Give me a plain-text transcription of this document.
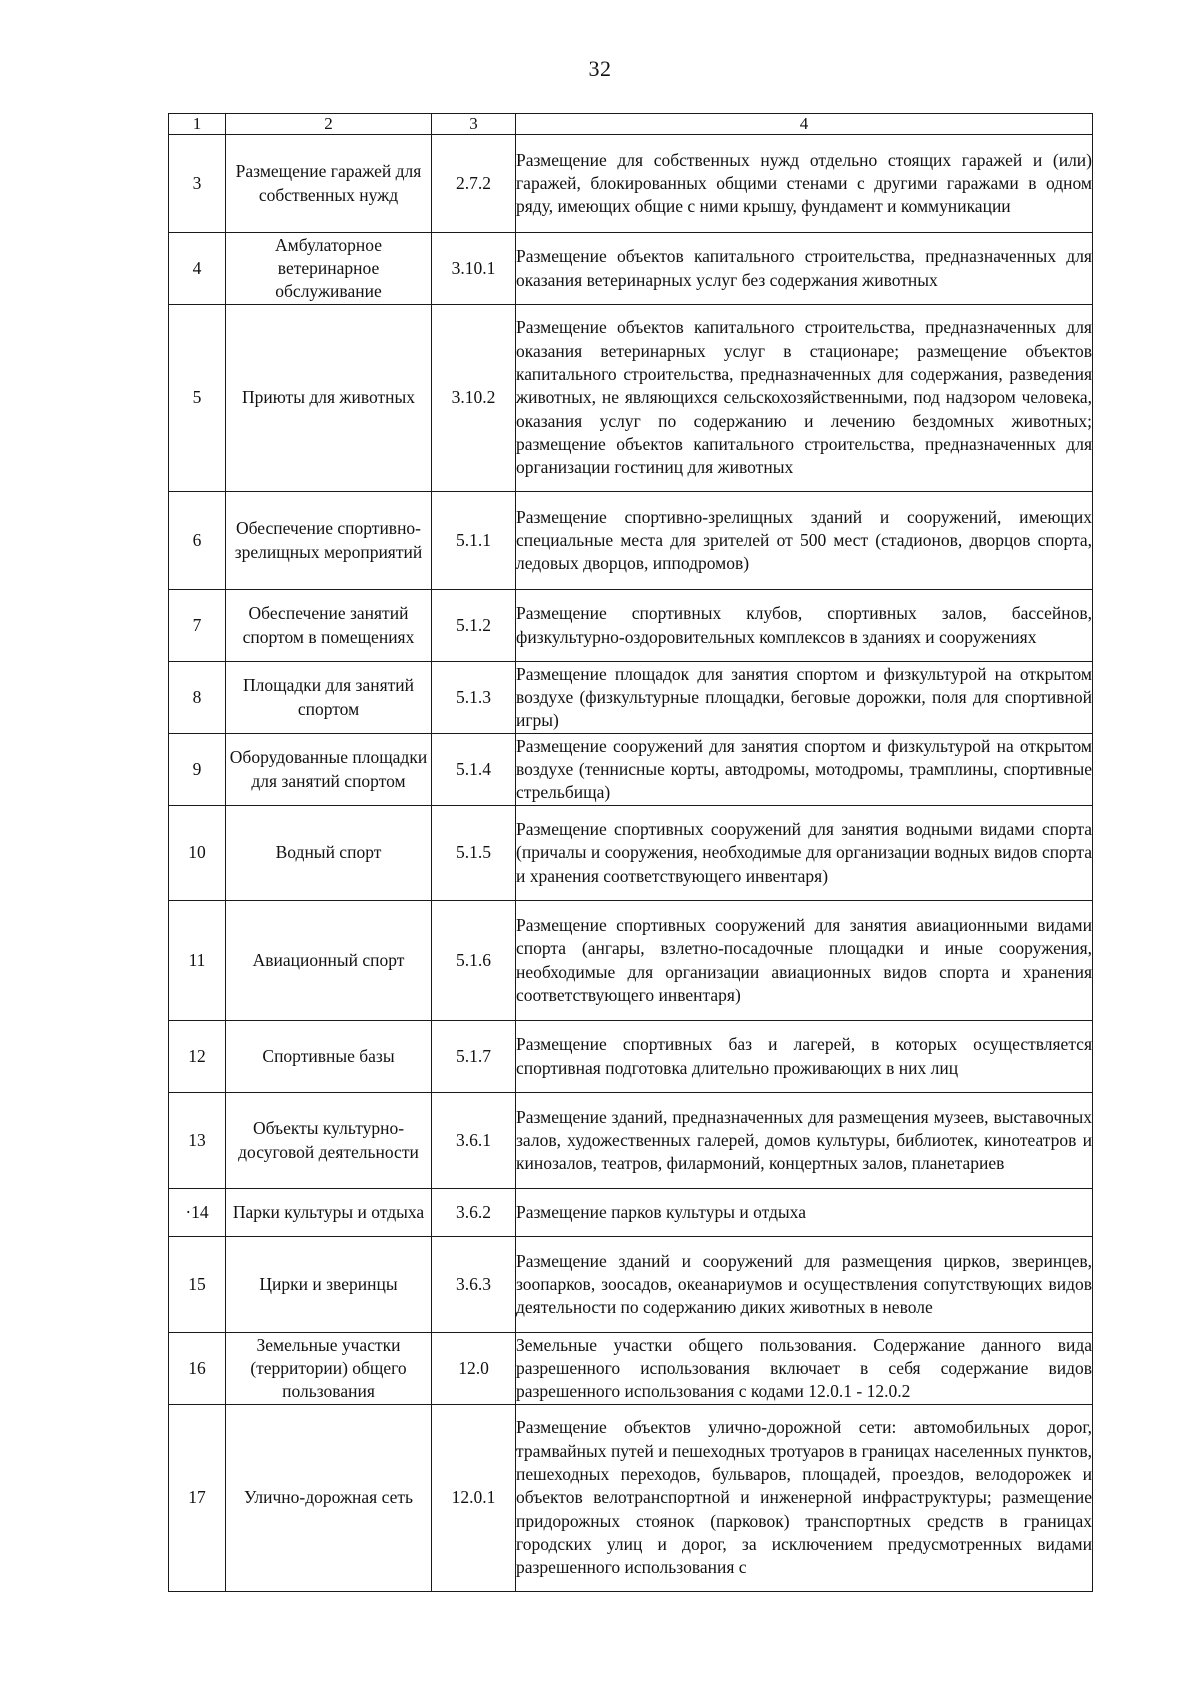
32
1	2	3	4
3	Размещение гаражей для собственных нужд	2.7.2	Размещение для собственных нужд отдельно стоящих гаражей и (или) гаражей, блокированных общими стенами с другими гаражами в одном ряду, имеющих общие с ними крышу, фундамент и коммуникации
4	Амбулаторное ветеринарное обслуживание	3.10.1	Размещение объектов капитального строительства, предназначенных для оказания ветеринарных услуг без содержания животных
5	Приюты для животных	3.10.2	Размещение объектов капитального строительства, предназначенных для оказания ветеринарных услуг в стационаре; размещение объектов капитального строительства, предназначенных для содержания, разведения животных, не являющихся сельскохозяйственными, под надзором человека, оказания услуг по содержанию и лечению бездомных животных; размещение объектов капитального строительства, предназначенных для организации гостиниц для животных
6	Обеспечение спортивно-зрелищных мероприятий	5.1.1	Размещение спортивно-зрелищных зданий и сооружений, имеющих специальные места для зрителей от 500 мест (стадионов, дворцов спорта, ледовых дворцов, ипподромов)
7	Обеспечение занятий спортом в помещениях	5.1.2	Размещение спортивных клубов, спортивных залов, бассейнов, физкультурно-оздоровительных комплексов в зданиях и сооружениях
8	Площадки для занятий спортом	5.1.3	Размещение площадок для занятия спортом и физкультурой на открытом воздухе (физкультурные площадки, беговые дорожки, поля для спортивной игры)
9	Оборудованные площадки для занятий спортом	5.1.4	Размещение сооружений для занятия спортом и физкультурой на открытом воздухе (теннисные корты, автодромы, мотодромы, трамплины, спортивные стрельбища)
10	Водный спорт	5.1.5	Размещение спортивных сооружений для занятия водными видами спорта (причалы и сооружения, необходимые для организации водных видов спорта и хранения соответствующего инвентаря)
11	Авиационный спорт	5.1.6	Размещение спортивных сооружений для занятия авиационными видами спорта (ангары, взлетно-посадочные площадки и иные сооружения, необходимые для организации авиационных видов спорта и хранения соответствующего инвентаря)
12	Спортивные базы	5.1.7	Размещение спортивных баз и лагерей, в которых осуществляется спортивная подготовка длительно проживающих в них лиц
13	Объекты культурно-досуговой деятельности	3.6.1	Размещение зданий, предназначенных для размещения музеев, выставочных залов, художественных галерей, домов культуры, библиотек, кинотеатров и кинозалов, театров, филармоний, концертных залов, планетариев
·14	Парки культуры и отдыха	3.6.2	Размещение парков культуры и отдыха
15	Цирки и зверинцы	3.6.3	Размещение зданий и сооружений для размещения цирков, зверинцев, зоопарков, зоосадов, океанариумов и осуществления сопутствующих видов деятельности по содержанию диких животных в неволе
16	Земельные участки (территории) общего пользования	12.0	Земельные участки общего пользования. Содержание данного вида разрешенного использования включает в себя содержание видов разрешенного использования с кодами 12.0.1 - 12.0.2
17	Улично-дорожная сеть	12.0.1	Размещение объектов улично-дорожной сети: автомобильных дорог, трамвайных путей и пешеходных тротуаров в границах населенных пунктов, пешеходных переходов, бульваров, площадей, проездов, велодорожек и объектов велотранспортной и инженерной инфраструктуры; размещение придорожных стоянок (парковок) транспортных средств в границах городских улиц и дорог, за исключением предусмотренных видами разрешенного использования с
